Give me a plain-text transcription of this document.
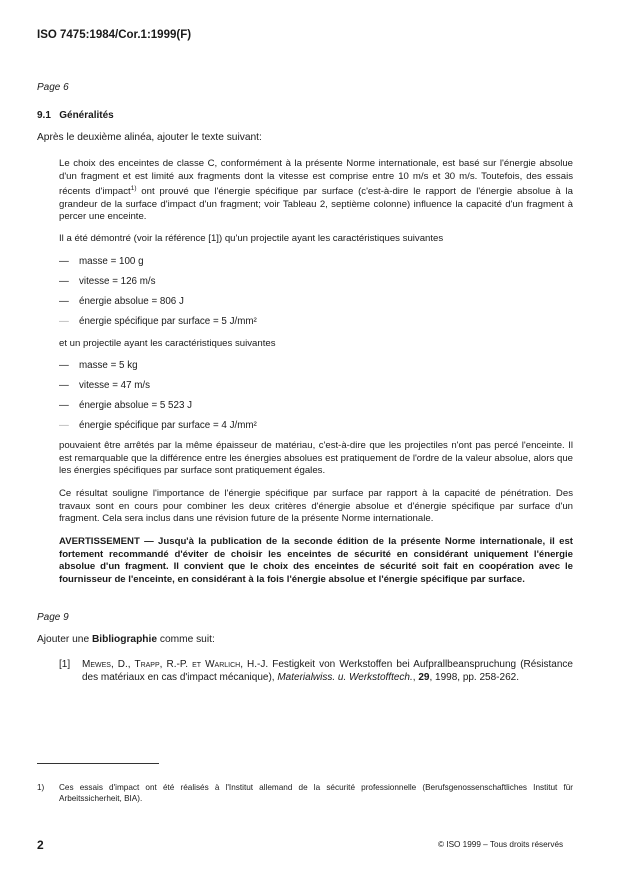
ISO 7475:1984/Cor.1:1999(F)
Page 6
9.1   Généralités
Après le deuxième alinéa, ajouter le texte suivant:
Le choix des enceintes de classe C, conformément à la présente Norme internationale, est basé sur l'énergie absolue d'un fragment et est limité aux fragments dont la vitesse est comprise entre 10 m/s et 30 m/s. Toutefois, des essais récents d'impact$^{1)}$ ont prouvé que l'énergie spécifique par surface (c'est-à-dire le rapport de l'énergie absolue à la grandeur de la surface d'impact d'un fragment; voir Tableau 2, septième colonne) influence la capacité d'un fragment à percer une enceinte.
Il a été démontré (voir la référence [1]) qu'un projectile ayant les caractéristiques suivantes
— masse = 100 g
— vitesse = 126 m/s
— énergie absolue = 806 J
— énergie spécifique par surface = 5 J/mm²
et un projectile ayant les caractéristiques suivantes
— masse = 5 kg
— vitesse = 47 m/s
— énergie absolue = 5 523 J
— énergie spécifique par surface = 4 J/mm²
pouvaient être arrêtés par la même épaisseur de matériau, c'est-à-dire que les projectiles n'ont pas percé l'enceinte. Il est remarquable que la différence entre les énergies absolues est pratiquement de l'ordre de la valeur absolue, alors que les énergies spécifiques par surface sont pratiquement égales.
Ce résultat souligne l'importance de l'énergie spécifique par surface par rapport à la capacité de pénétration. Des travaux sont en cours pour combiner les deux critères d'énergie absolue et d'énergie spécifique par surface d'un fragment. Cela sera inclus dans une révision future de la présente Norme internationale.
AVERTISSEMENT — Jusqu'à la publication de la seconde édition de la présente Norme internationale, il est fortement recommandé d'éviter de choisir les enceintes de sécurité en considérant uniquement l'énergie absolue d'un fragment. Il convient que le choix des enceintes de sécurité soit fait en coopération avec le fournisseur de l'enceinte, en considérant à la fois l'énergie absolue et l'énergie spécifique par surface.
Page 9
Ajouter une Bibliographie comme suit:
[1] Mewes, D., Trapp, R.-P. et Warlich, H.-J. Festigkeit von Werkstoffen bei Aufprallbeanspruchung (Résistance des matériaux en cas d'impact mécanique), Materialwiss. u. Werkstofftech., 29, 1998, pp. 258-262.
1) Ces essais d'impact ont été réalisés à l'Institut allemand de la sécurité professionnelle (Berufsgenossenschaftliches Institut für Arbeitssicherheit, BIA).
2	© ISO 1999 – Tous droits réservés
